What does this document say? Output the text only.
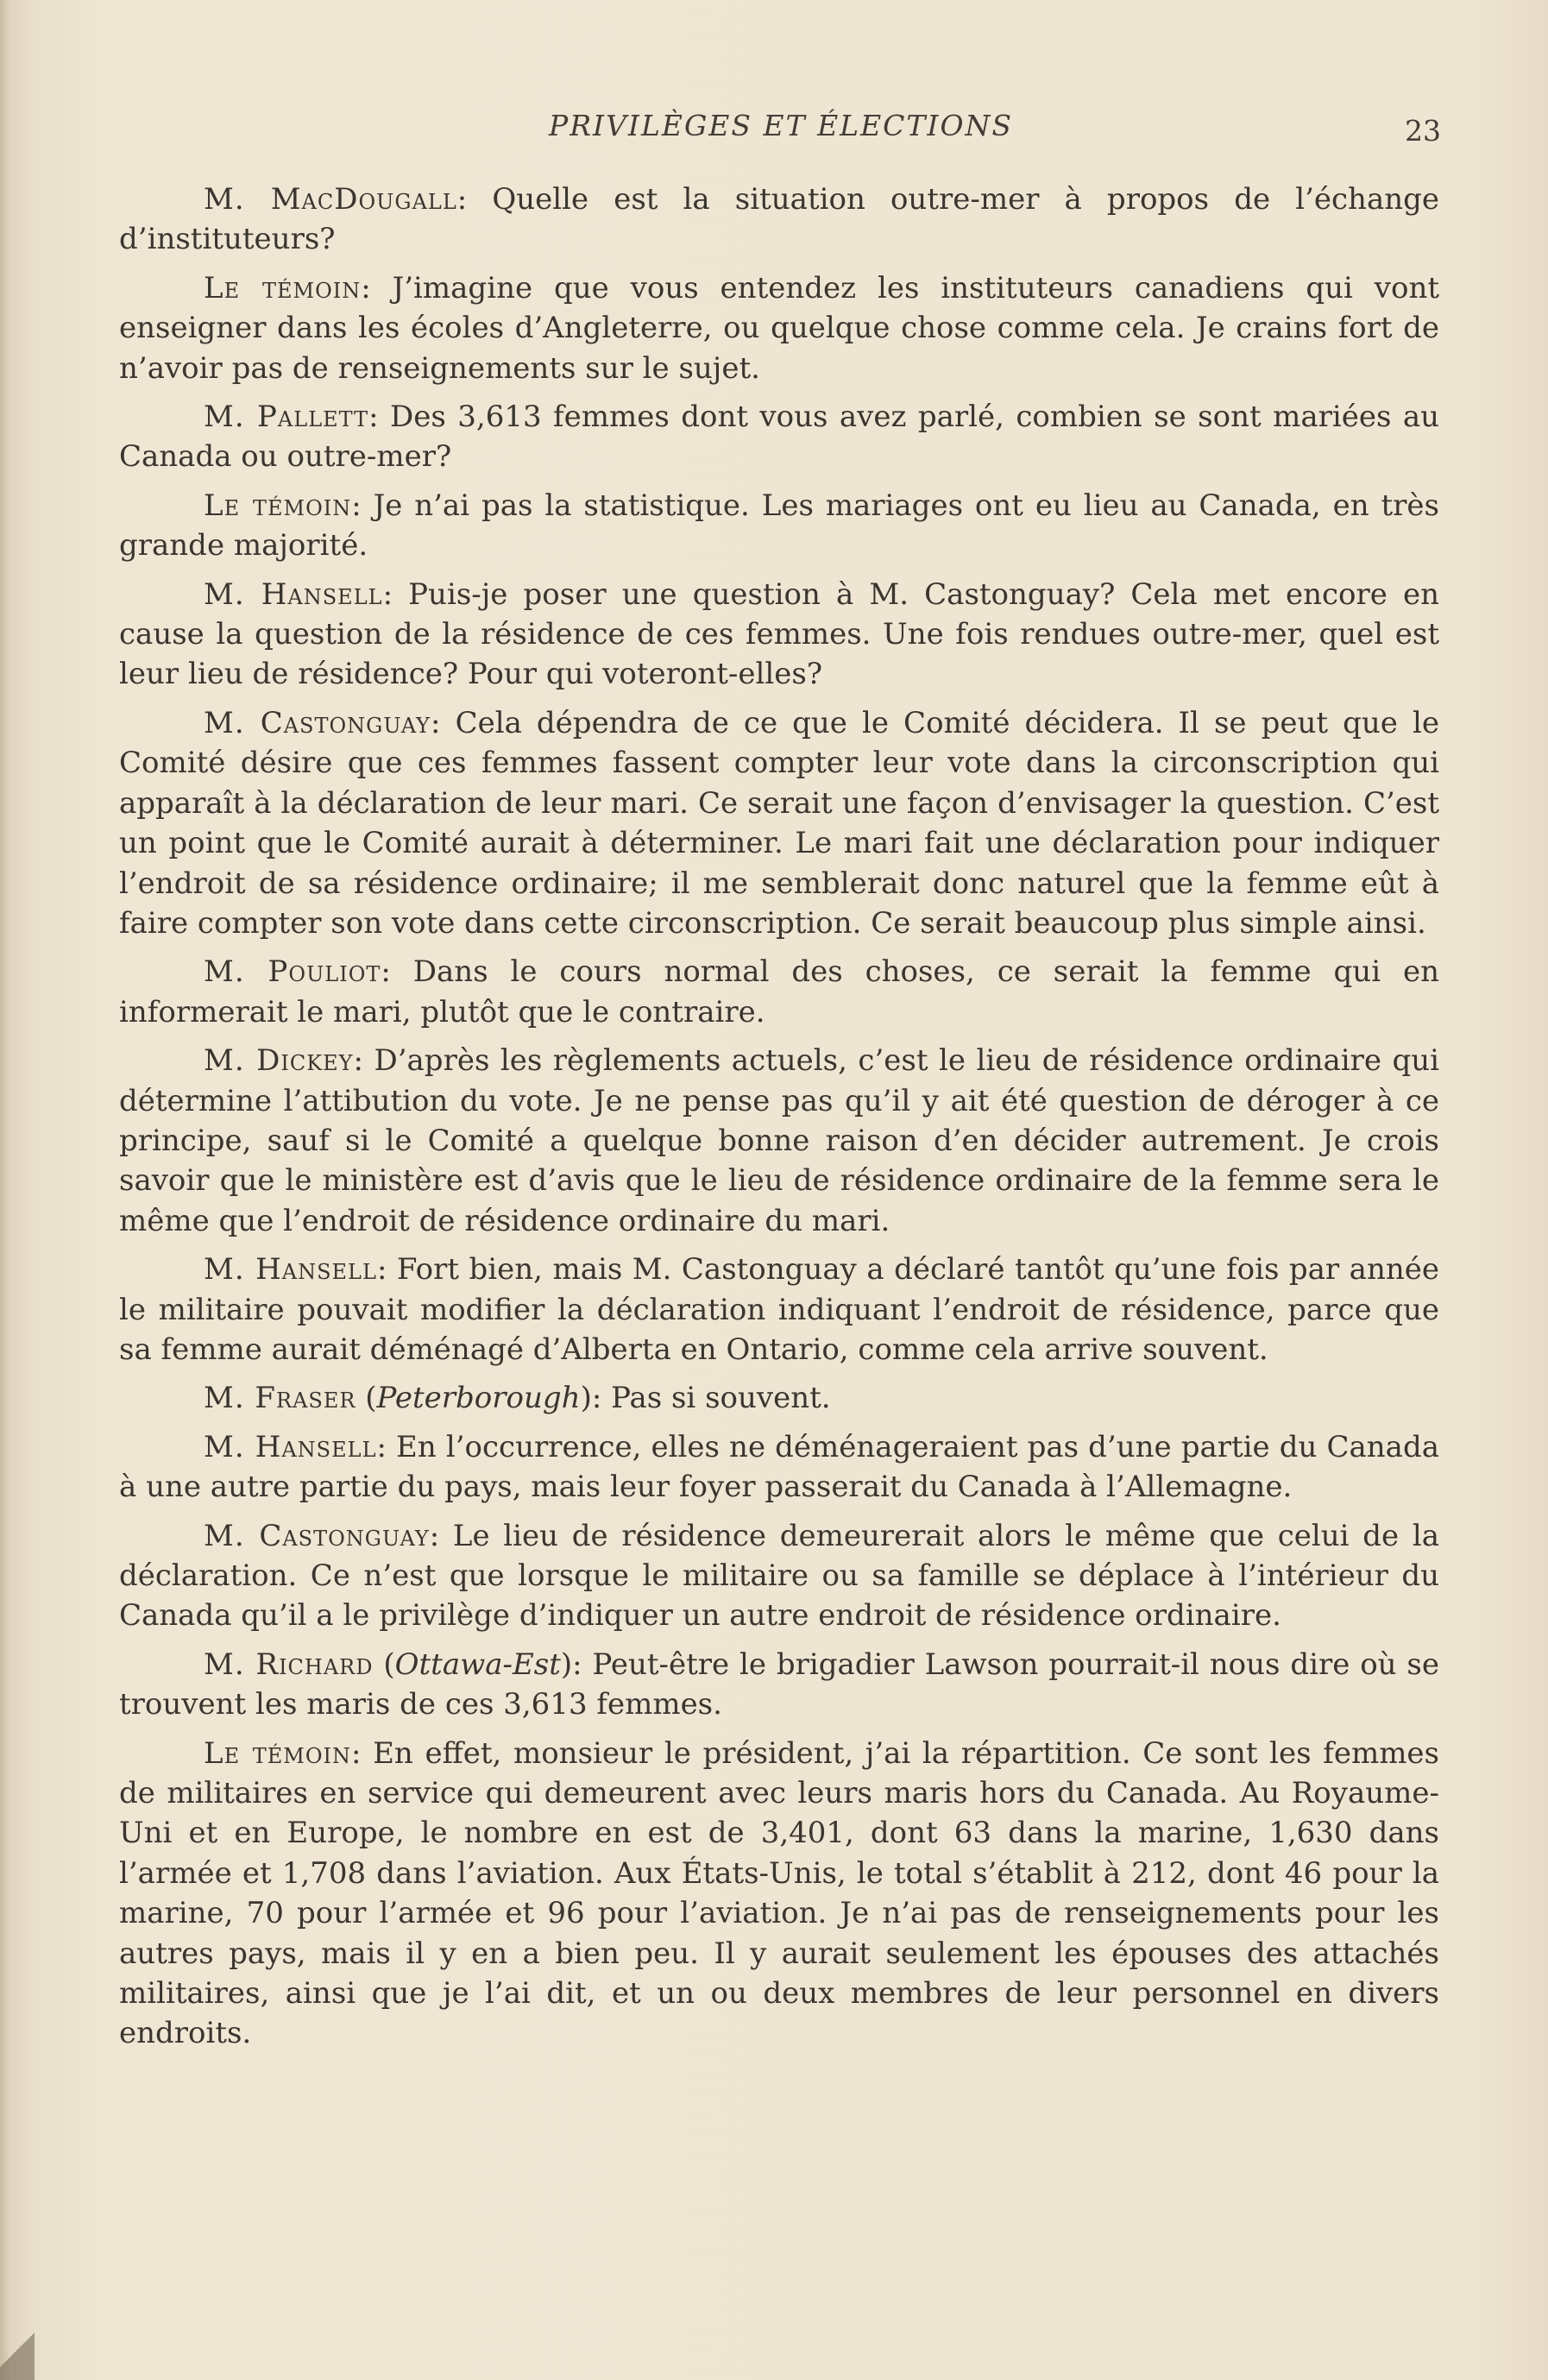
PRIVILÈGES ET ÉLECTIONS	23

M. MacDougall: Quelle est la situation outre-mer à propos de l’échange d’instituteurs?

Le témoin: J’imagine que vous entendez les instituteurs canadiens qui vont enseigner dans les écoles d’Angleterre, ou quelque chose comme cela. Je crains fort de n’avoir pas de renseignements sur le sujet.

M. Pallett: Des 3,613 femmes dont vous avez parlé, combien se sont mariées au Canada ou outre-mer?

Le témoin: Je n’ai pas la statistique. Les mariages ont eu lieu au Canada, en très grande majorité.

M. Hansell: Puis-je poser une question à M. Castonguay? Cela met encore en cause la question de la résidence de ces femmes. Une fois rendues outre-mer, quel est leur lieu de résidence? Pour qui voteront-elles?

M. Castonguay: Cela dépendra de ce que le Comité décidera. Il se peut que le Comité désire que ces femmes fassent compter leur vote dans la circonscription qui apparaît à la déclaration de leur mari. Ce serait une façon d’envisager la question. C’est un point que le Comité aurait à déterminer. Le mari fait une déclaration pour indiquer l’endroit de sa résidence ordinaire; il me semblerait donc naturel que la femme eût à faire compter son vote dans cette circonscription. Ce serait beaucoup plus simple ainsi.

M. Pouliot: Dans le cours normal des choses, ce serait la femme qui en informerait le mari, plutôt que le contraire.

M. Dickey: D’après les règlements actuels, c’est le lieu de résidence ordinaire qui détermine l’attibution du vote. Je ne pense pas qu’il y ait été question de déroger à ce principe, sauf si le Comité a quelque bonne raison d’en décider autrement. Je crois savoir que le ministère est d’avis que le lieu de résidence ordinaire de la femme sera le même que l’endroit de résidence ordinaire du mari.

M. Hansell: Fort bien, mais M. Castonguay a déclaré tantôt qu’une fois par année le militaire pouvait modifier la déclaration indiquant l’endroit de résidence, parce que sa femme aurait déménagé d’Alberta en Ontario, comme cela arrive souvent.

M. Fraser (Peterborough): Pas si souvent.

M. Hansell: En l’occurrence, elles ne déménageraient pas d’une partie du Canada à une autre partie du pays, mais leur foyer passerait du Canada à l’Allemagne.

M. Castonguay: Le lieu de résidence demeurerait alors le même que celui de la déclaration. Ce n’est que lorsque le militaire ou sa famille se déplace à l’intérieur du Canada qu’il a le privilège d’indiquer un autre endroit de résidence ordinaire.

M. Richard (Ottawa-Est): Peut-être le brigadier Lawson pourrait-il nous dire où se trouvent les maris de ces 3,613 femmes.

Le témoin: En effet, monsieur le président, j’ai la répartition. Ce sont les femmes de militaires en service qui demeurent avec leurs maris hors du Canada. Au Royaume-Uni et en Europe, le nombre en est de 3,401, dont 63 dans la marine, 1,630 dans l’armée et 1,708 dans l’aviation. Aux États-Unis, le total s’établit à 212, dont 46 pour la marine, 70 pour l’armée et 96 pour l’aviation. Je n’ai pas de renseignements pour les autres pays, mais il y en a bien peu. Il y aurait seulement les épouses des attachés militaires, ainsi que je l’ai dit, et un ou deux membres de leur personnel en divers endroits.
